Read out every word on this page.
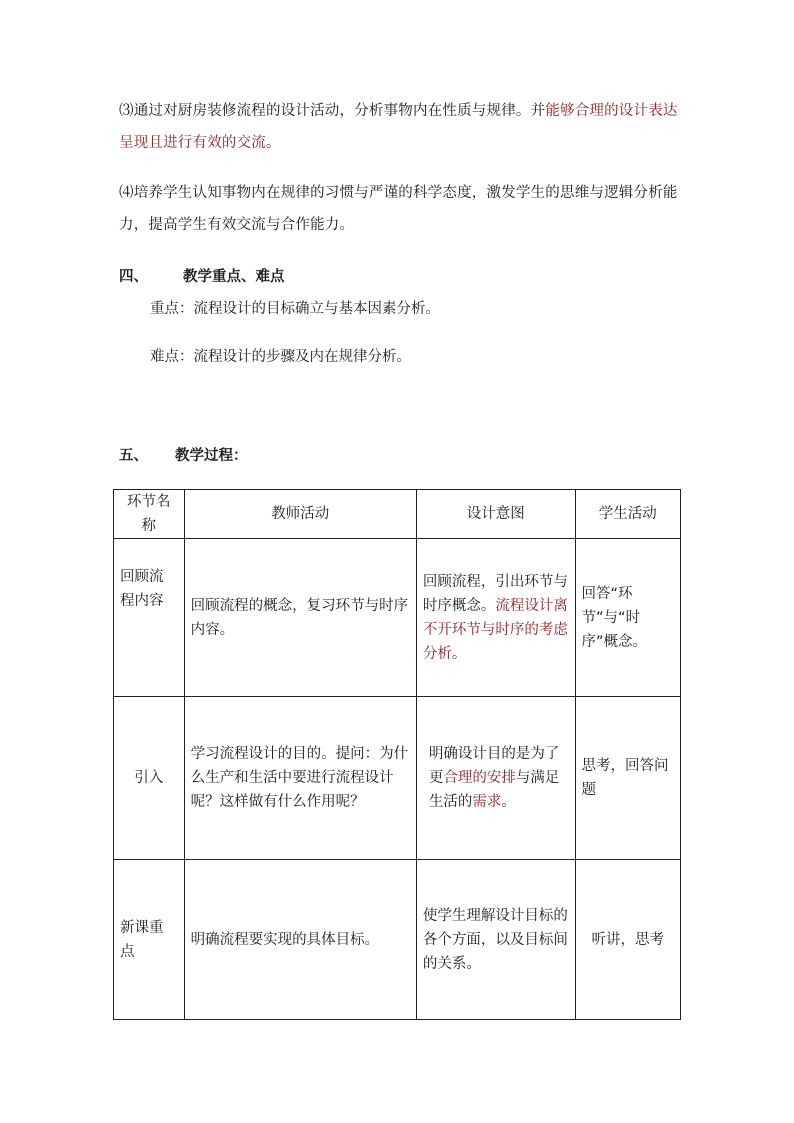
⑶通过对厨房装修流程的设计活动，分析事物内在性质与规律。并能够合理的设计表达呈现且进行有效的交流。

⑷培养学生认知事物内在规律的习惯与严谨的科学态度，激发学生的思维与逻辑分析能力，提高学生有效交流与合作能力。

四、 教学重点、难点

重点：流程设计的目标确立与基本因素分析。

难点：流程设计的步骤及内在规律分析。

五、 教学过程：

环节名称	教师活动	设计意图	学生活动
回顾流程内容	回顾流程的概念，复习环节与时序内容。	回顾流程，引出环节与时序概念。流程设计离不开环节与时序的考虑分析。	回答“环节”与“时序”概念。
引入	学习流程设计的目的。提问：为什么生产和生活中要进行流程设计呢？这样做有什么作用呢？	明确设计目的是为了更合理的安排与满足生活的需求。	思考，回答问题
新课重点	明确流程要实现的具体目标。	使学生理解设计目标的各个方面，以及目标间的关系。	听讲，思考
